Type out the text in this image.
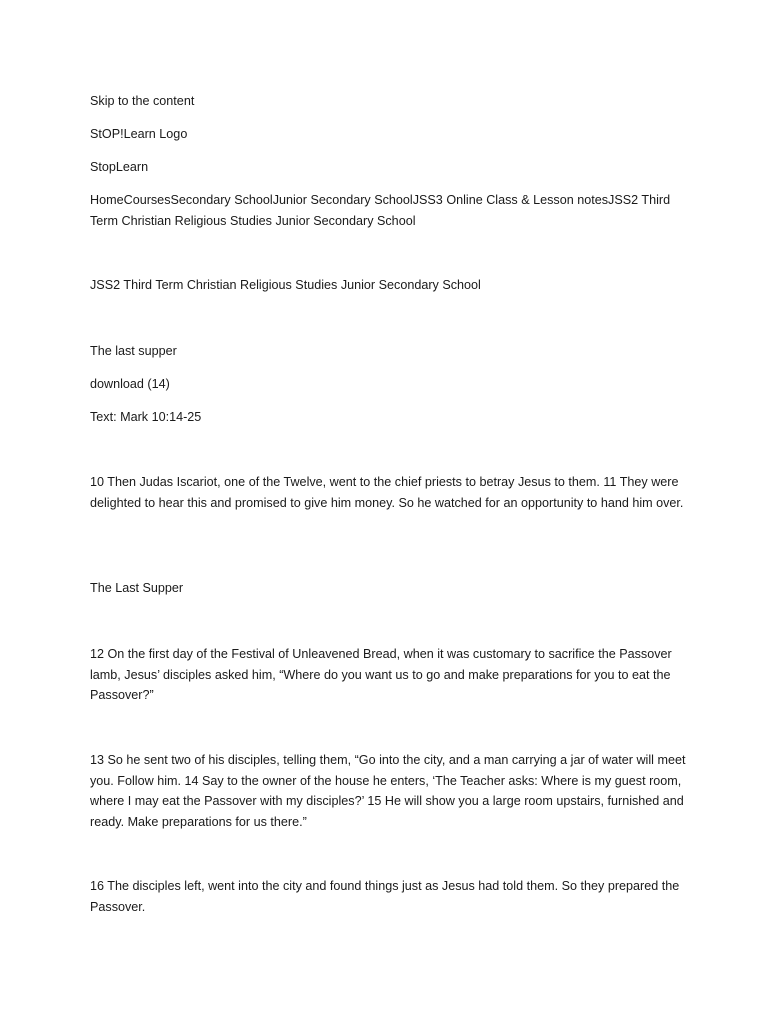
Skip to the content

StOP!Learn Logo

StopLearn

HomeCoursesSecondary SchoolJunior Secondary SchoolJSS3 Online Class & Lesson notesJSS2 Third Term Christian Religious Studies Junior Secondary School

JSS2 Third Term Christian Religious Studies Junior Secondary School

The last supper

download (14)

Text: Mark 10:14-25

10 Then Judas Iscariot, one of the Twelve, went to the chief priests to betray Jesus to them. 11 They were delighted to hear this and promised to give him money. So he watched for an opportunity to hand him over.

The Last Supper

12 On the first day of the Festival of Unleavened Bread, when it was customary to sacrifice the Passover lamb, Jesus’ disciples asked him, “Where do you want us to go and make preparations for you to eat the Passover?”

13 So he sent two of his disciples, telling them, “Go into the city, and a man carrying a jar of water will meet you. Follow him. 14 Say to the owner of the house he enters, ‘The Teacher asks: Where is my guest room, where I may eat the Passover with my disciples?’ 15 He will show you a large room upstairs, furnished and ready. Make preparations for us there.”

16 The disciples left, went into the city and found things just as Jesus had told them. So they prepared the Passover.
